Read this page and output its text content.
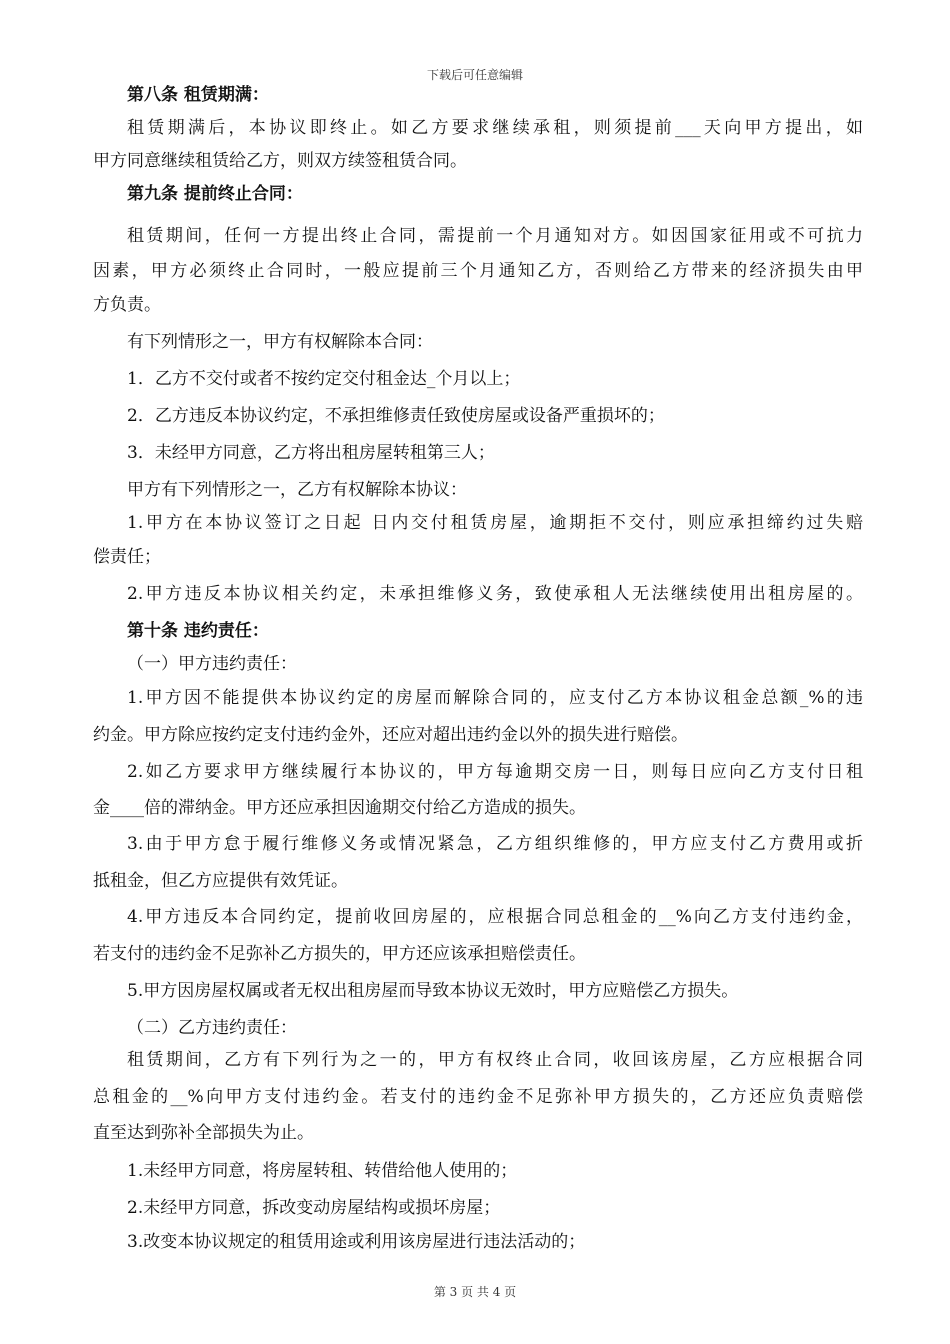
下载后可任意编辑
第八条 租赁期满：
租赁期满后，本协议即终止。如乙方要求继续承租，则须提前___天向甲方提出，如
甲方同意继续租赁给乙方，则双方续签租赁合同。
第九条 提前终止合同：
租赁期间，任何一方提出终止合同，需提前一个月通知对方。如因国家征用或不可抗力
因素，甲方必须终止合同时，一般应提前三个月通知乙方，否则给乙方带来的经济损失由甲
方负责。
有下列情形之一，甲方有权解除本合同：
1．乙方不交付或者不按约定交付租金达_个月以上；
2．乙方违反本协议约定，不承担维修责任致使房屋或设备严重损坏的；
3．未经甲方同意，乙方将出租房屋转租第三人；
甲方有下列情形之一，乙方有权解除本协议：
1.甲方在本协议签订之日起 日内交付租赁房屋，逾期拒不交付，则应承担缔约过失赔
偿责任；
2.甲方违反本协议相关约定，未承担维修义务，致使承租人无法继续使用出租房屋的。
第十条 违约责任：
（一）甲方违约责任：
1.甲方因不能提供本协议约定的房屋而解除合同的，应支付乙方本协议租金总额_%的违
约金。甲方除应按约定支付违约金外，还应对超出违约金以外的损失进行赔偿。
2.如乙方要求甲方继续履行本协议的，甲方每逾期交房一日，则每日应向乙方支付日租
金____倍的滞纳金。甲方还应承担因逾期交付给乙方造成的损失。
3.由于甲方怠于履行维修义务或情况紧急，乙方组织维修的，甲方应支付乙方费用或折
抵租金，但乙方应提供有效凭证。
4.甲方违反本合同约定，提前收回房屋的，应根据合同总租金的__%向乙方支付违约金，
若支付的违约金不足弥补乙方损失的，甲方还应该承担赔偿责任。
5.甲方因房屋权属或者无权出租房屋而导致本协议无效时，甲方应赔偿乙方损失。
（二）乙方违约责任：
租赁期间，乙方有下列行为之一的，甲方有权终止合同，收回该房屋，乙方应根据合同
总租金的__%向甲方支付违约金。若支付的违约金不足弥补甲方损失的，乙方还应负责赔偿
直至达到弥补全部损失为止。
1.未经甲方同意，将房屋转租、转借给他人使用的；
2.未经甲方同意，拆改变动房屋结构或损坏房屋；
3.改变本协议规定的租赁用途或利用该房屋进行违法活动的；
第 3 页 共 4 页
